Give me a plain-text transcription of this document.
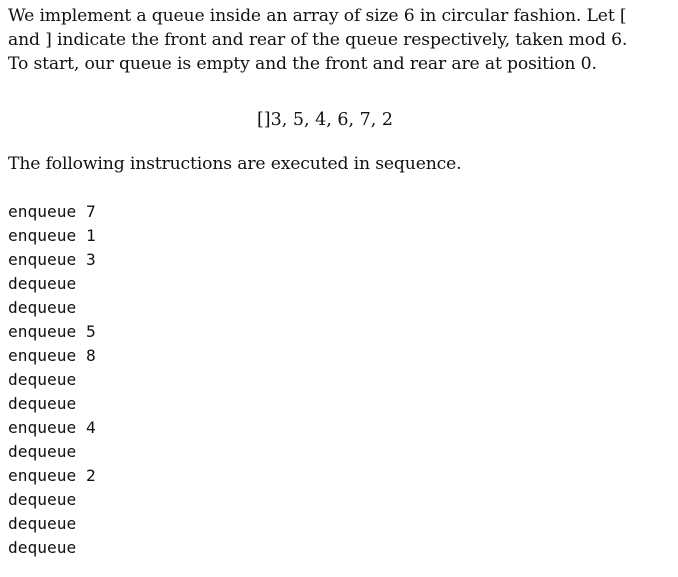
We implement a queue inside an array of size 6 in circular fashion. Let [
and ] indicate the front and rear of the queue respectively, taken mod 6.
To start, our queue is empty and the front and rear are at position 0.
[]3, 5, 4, 6, 7, 2
The following instructions are executed in sequence.
enqueue 7
enqueue 1
enqueue 3
dequeue
dequeue
enqueue 5
enqueue 8
dequeue
dequeue
enqueue 4
dequeue
enqueue 2
dequeue
dequeue
dequeue
